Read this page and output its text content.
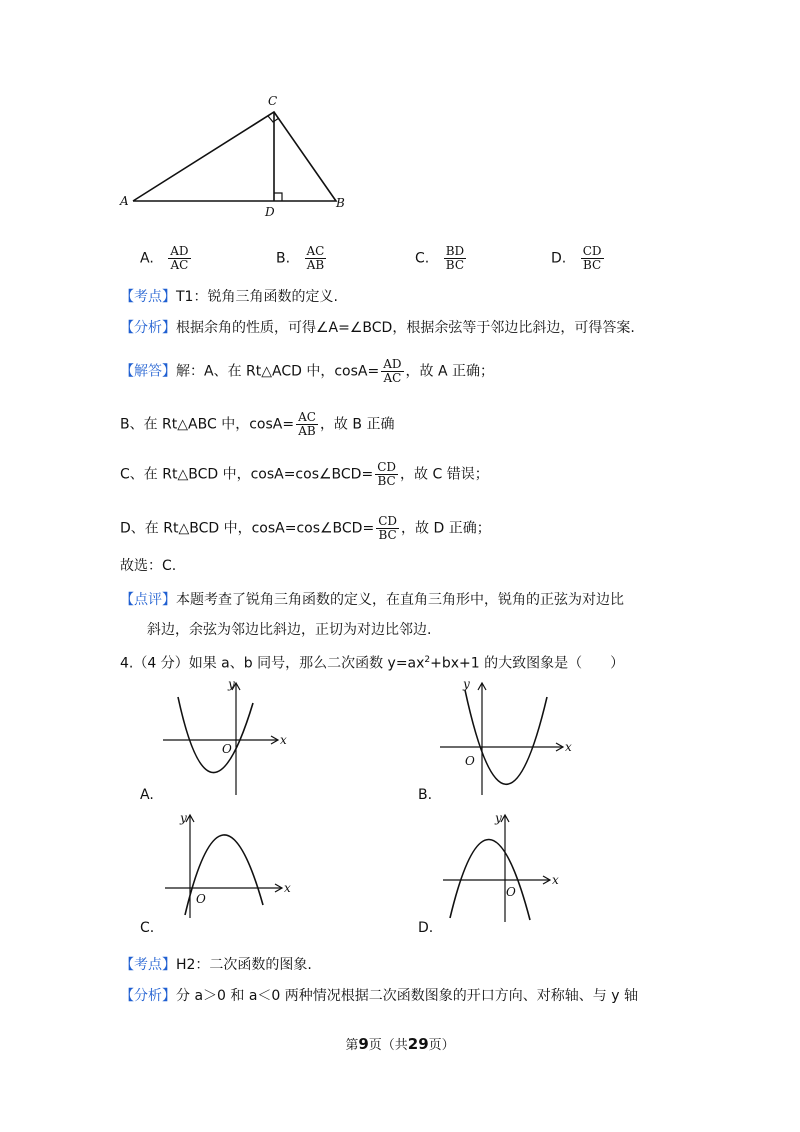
C
A	B
D
A. $\frac{AD}{AC}$	B. $\frac{AC}{AB}$	C. $\frac{BD}{BC}$	D. $\frac{CD}{BC}$
【考点】T1：锐角三角函数的定义.
【分析】根据余角的性质，可得∠A=∠BCD，根据余弦等于邻边比斜边，可得答案.
【解答】解：A、在 Rt△ACD 中，$\cos A= \frac{AD}{AC}$ ，故 A 正确；
B、在 Rt△ABC 中，$\cos A= \frac{AC}{AB}$ ，故 B 正确
C、在 Rt△BCD 中，cosA=cos∠BCD= $\frac{CD}{BC}$ ，故 C 错误；
D、在 Rt△BCD 中，cosA=cos∠BCD= $\frac{CD}{BC}$ ，故 D 正确；
故选：C.
【点评】本题考查了锐角三角函数的定义，在直角三角形中，锐角的正弦为对边比
斜边，余弦为邻边比斜边，正切为对边比邻边.
4.（4 分）如果 a、b 同号，那么二次函数 $y=ax^2+bx+1$ 的大致图象是（　　）
x
y
O
A.
x
y
O
B.
x
y
O
C.
x
y
O
D.
【考点】H2：二次函数的图象.
【分析】分 a＞0 和 a＜0 两种情况根据二次函数图象的开口方向、对称轴、与 y 轴
第9页（共29页）
